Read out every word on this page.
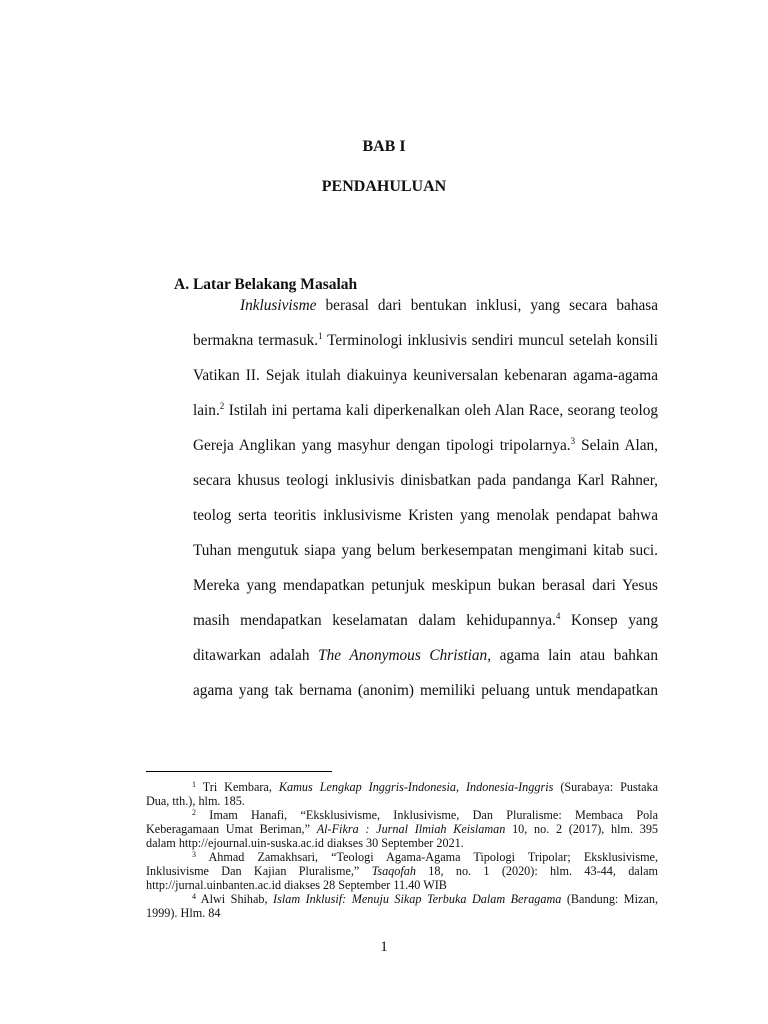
BAB I
PENDAHULUAN
A. Latar Belakang Masalah
Inklusivisme berasal dari bentukan inklusi, yang secara bahasa
bermakna termasuk.$^1$ Terminologi inklusivis sendiri muncul setelah konsili
Vatikan II. Sejak itulah diakuinya keuniversalan kebenaran agama-agama
lain.$^2$ Istilah ini pertama kali diperkenalkan oleh Alan Race, seorang teolog
Gereja Anglikan yang masyhur dengan tipologi tripolarnya.$^3$ Selain Alan,
secara khusus teologi inklusivis dinisbatkan pada pandanga Karl Rahner,
teolog serta teoritis inklusivisme Kristen yang menolak pendapat bahwa
Tuhan mengutuk siapa yang belum berkesempatan mengimani kitab suci.
Mereka yang mendapatkan petunjuk meskipun bukan berasal dari Yesus
masih mendapatkan keselamatan dalam kehidupannya.$^4$ Konsep yang
ditawarkan adalah The Anonymous Christian, agama lain atau bahkan
agama yang tak bernama (anonim) memiliki peluang untuk mendapatkan
$^1$ Tri Kembara, Kamus Lengkap Inggris-Indonesia, Indonesia-Inggris (Surabaya: Pustaka
Dua, tth.), hlm. 185.
$^2$ Imam Hanafi, “Eksklusivisme, Inklusivisme, Dan Pluralisme: Membaca Pola
Keberagamaan Umat Beriman,” Al-Fikra : Jurnal Ilmiah Keislaman 10, no. 2 (2017), hlm. 395
dalam http://ejournal.uin-suska.ac.id diakses 30 September 2021.
$^3$ Ahmad Zamakhsari, “Teologi Agama-Agama Tipologi Tripolar; Eksklusivisme,
Inklusivisme Dan Kajian Pluralisme,” Tsaqofah 18, no. 1 (2020): hlm. 43-44, dalam
http://jurnal.uinbanten.ac.id diakses 28 September 11.40 WIB
$^4$ Alwi Shihab, Islam Inklusif: Menuju Sikap Terbuka Dalam Beragama (Bandung: Mizan,
1999). Hlm. 84
1
